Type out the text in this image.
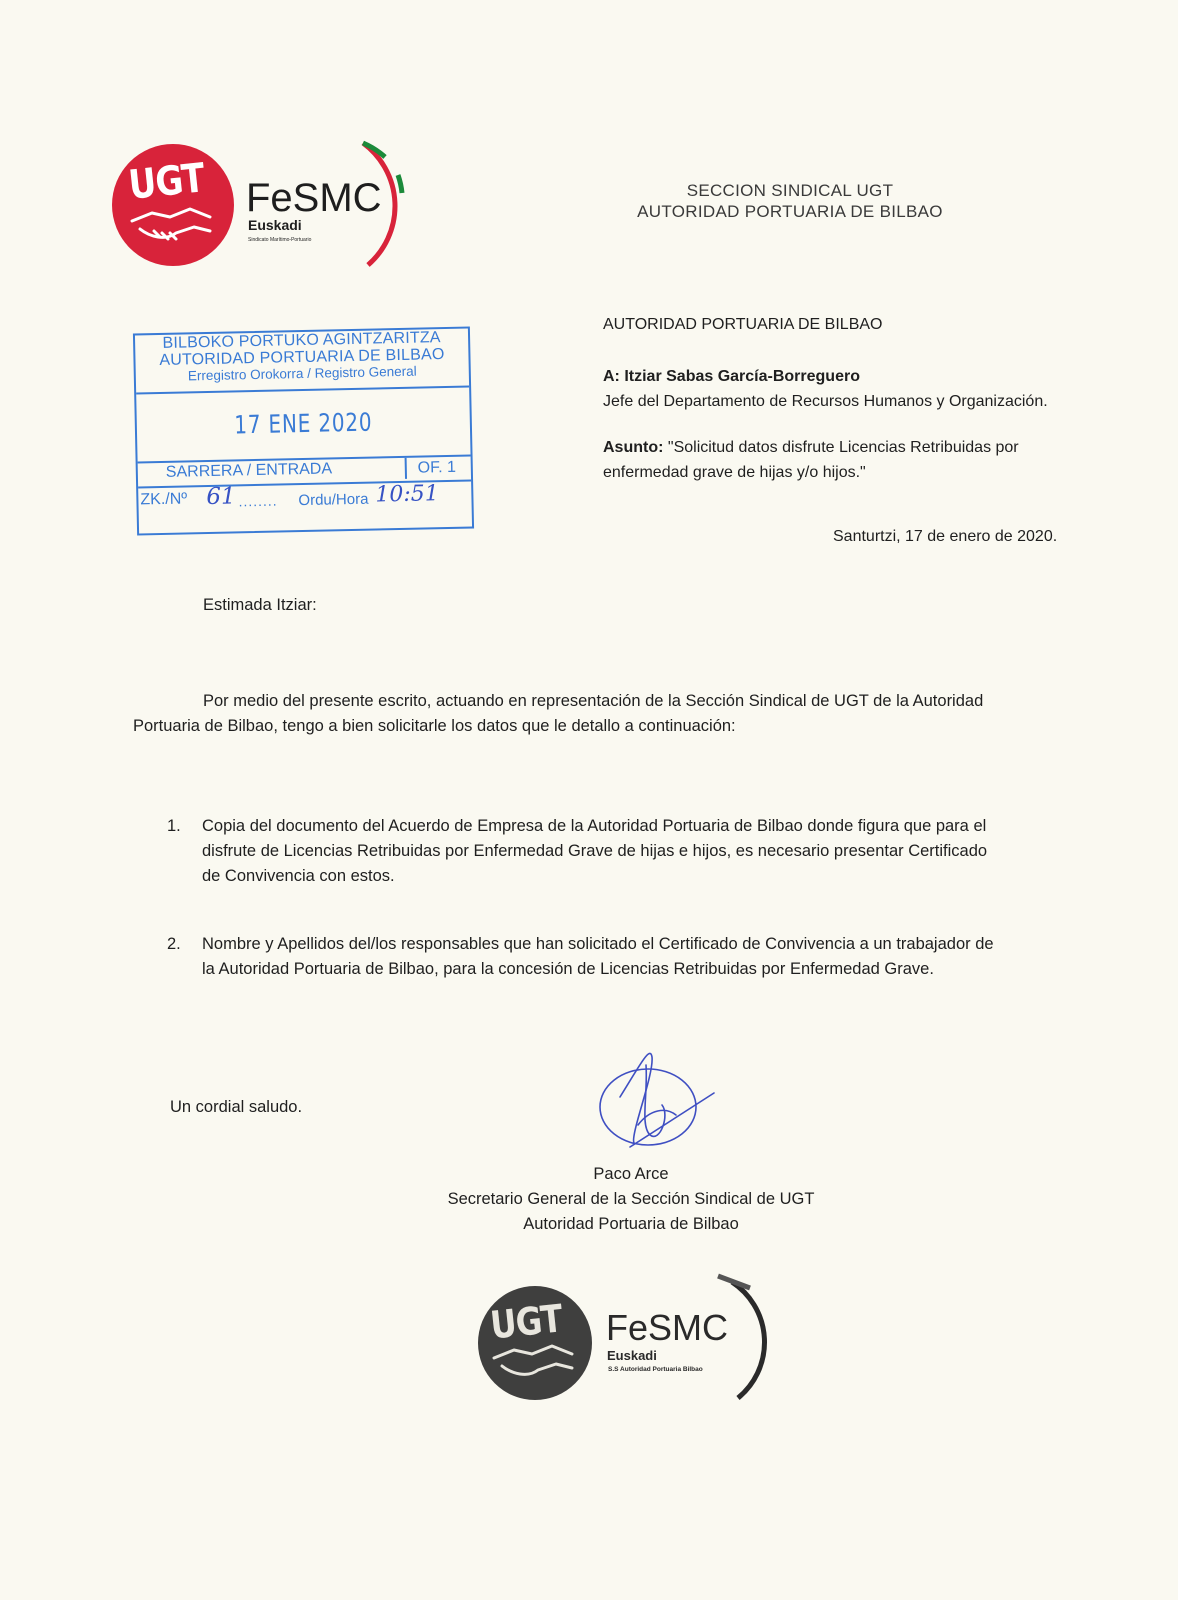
FeSMC
Euskadi
Sindicato Marítimo-Portuario
UGT	SECCION SINDICAL UGT
AUTORIDAD PORTUARIA DE BILBAO
BILBOKO PORTUKO AGINTZARITZA
AUTORIDAD PORTUARIA DE BILBAO
Erregistro Orokorra / Registro General
17 ENE 2020
SARRERA / ENTRADA	OF. 1
ZK./Nº 61 ........ Ordu/Hora 10:51
AUTORIDAD PORTUARIA DE BILBAO
A: Itziar Sabas García-Borreguero
Jefe del Departamento de Recursos Humanos y Organización.
Asunto: "Solicitud datos disfrute Licencias Retribuidas por
enfermedad grave de hijas y/o hijos."
Santurtzi, 17 de enero de 2020.
Estimada Itziar:
Por medio del presente escrito, actuando en representación de la Sección Sindical de UGT de la Autoridad
Portuaria de Bilbao, tengo a bien solicitarle los datos que le detallo a continuación:
1. Copia del documento del Acuerdo de Empresa de la Autoridad Portuaria de Bilbao donde figura que para el
disfrute de Licencias Retribuidas por Enfermedad Grave de hijas e hijos, es necesario presentar Certificado
de Convivencia con estos.
2. Nombre y Apellidos del/los responsables que han solicitado el Certificado de Convivencia a un trabajador de
la Autoridad Portuaria de Bilbao, para la concesión de Licencias Retribuidas por Enfermedad Grave.
Un cordial saludo.
Paco Arce
Secretario General de la Sección Sindical de UGT
Autoridad Portuaria de Bilbao
FeSMC
Euskadi
S.S Autoridad Portuaria Bilbao
UGT
